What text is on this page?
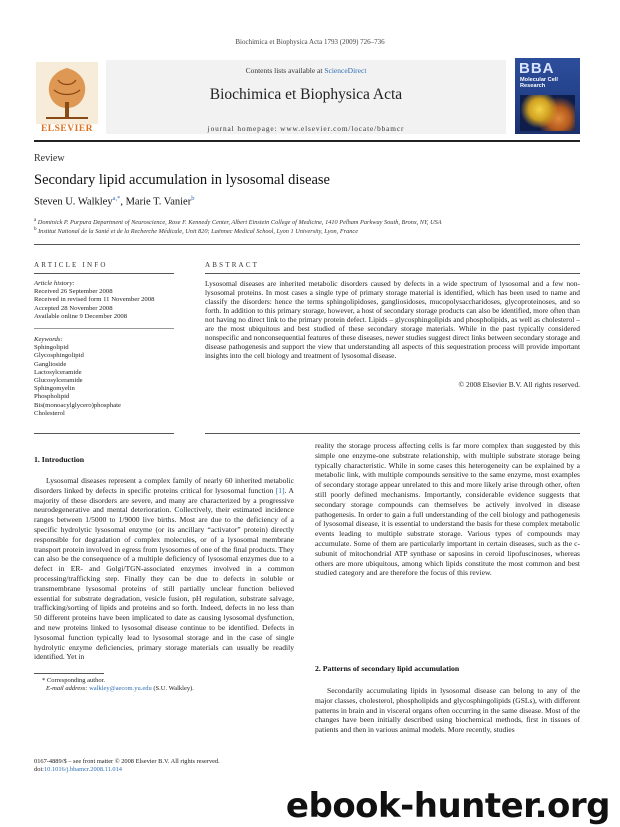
Biochimica et Biophysica Acta 1793 (2009) 726–736
ELSEVIER
Contents lists available at ScienceDirect
Biochimica et Biophysica Acta
journal homepage: www.elsevier.com/locate/bbamcr
BBA
Molecular Cell Research
Review
Secondary lipid accumulation in lysosomal disease
Steven U. Walkley$^{a,*}$, Marie T. Vanier$^b$
$^a$ Dominick P. Purpura Department of Neuroscience, Rose F. Kennedy Center, Albert Einstein College of Medicine, 1410 Pelham Parkway South, Bronx, NY, USA
$^b$ Institut National de la Santé et de la Recherche Médicale, Unit 820; Laënnec Medical School, Lyon 1 University, Lyon, France
ARTICLE INFO	ABSTRACT
Article history:
Received 26 September 2008
Received in revised form 11 November 2008
Accepted 28 November 2008
Available online 9 December 2008
Keywords:
Sphingolipid
Glycosphingolipid
Ganglioside
Lactosylceramide
Glucosylceramide
Sphingomyelin
Phospholipid
Bis(monoacylglycero)phosphate
Cholesterol
Lysosomal diseases are inherited metabolic disorders caused by defects in a wide spectrum of lysosomal and a few non-lysosomal proteins. In most cases a single type of primary storage material is identified, which has been used to name and classify the disorders: hence the terms sphingolipidoses, gangliosidoses, mucopolysaccharidoses, glycoproteinoses, and so forth. In addition to this primary storage, however, a host of secondary storage products can also be identified, more often than not having no direct link to the primary protein defect. Lipids – glycosphingolipids and phospholipids, as well as cholesterol – are the most ubiquitous and best studied of these secondary storage materials. While in the past typically considered nonspecific and nonconsequential features of these diseases, newer studies suggest direct links between secondary storage and disease pathogenesis and support the view that understanding all aspects of this sequestration process will provide important insights into the cell biology and treatment of lysosomal disease.
© 2008 Elsevier B.V. All rights reserved.
1. Introduction

Lysosomal diseases represent a complex family of nearly 60 inherited metabolic disorders linked by defects in specific proteins critical for lysosomal function [1]. A majority of these disorders are severe, and many are characterized by a progressive neurodegenerative and mental deterioration. Collectively, their estimated incidence ranges between 1/5000 to 1/9000 live births. Most are due to the deficiency of a specific hydrolytic lysosomal enzyme (or its ancillary “activator” protein) directly responsible for degradation of complex molecules, or of a lysosomal membrane transport protein involved in egress from lysosomes of one of the final products. They can also be the consequence of a multiple deficiency of lysosomal enzymes due to a defect in ER- and Golgi/TGN-associated enzymes involved in a common processing/trafficking step. Finally they can be due to defects in soluble or transmembrane lysosomal proteins of still partially unclear function believed essential for substrate degradation, vesicle fusion, pH regulation, substrate salvage, trafficking/sorting of lipids and proteins and so forth. Indeed, defects in no less than 50 different proteins have been implicated to date as causing lysosomal dysfunction, and new proteins linked to lysosomal disease continue to be identified. Defects in lysosomal function typically lead to lysosomal storage and in the case of single hydrolytic enzyme deficiencies, primary storage materials can usually be readily identified. Yet in

reality the storage process affecting cells is far more complex than suggested by this simple one enzyme-one substrate relationship, with multiple substrate storage being typically characteristic. While in some cases this heterogeneity can be explained by a metabolic link, with multiple compounds sensitive to the same enzyme, most examples of secondary storage appear unrelated to this and more likely arise through other, often still poorly defined mechanisms. Importantly, considerable evidence suggests that secondary storage compounds can themselves be actively involved in disease pathogenesis. In order to gain a full understanding of the cell biology and pathogenesis of lysosomal disease, it is essential to understand the basis for these complex metabolic events leading to multiple substrate storage. Various types of compounds may accumulate. Some of them are particularly important in certain diseases, such as the c-subunit of mitochondrial ATP synthase or saposins in ceroid lipofuscinoses, whereas others are more ubiquitous, among which lipids constitute the most common and best studied category and are therefore the focus of this review.

2. Patterns of secondary lipid accumulation

Secondarily accumulating lipids in lysosomal disease can belong to any of the major classes, cholesterol, phospholipids and glycosphingolipids (GSLs), with different patterns in brain and in visceral organs often occurring in the same disease. Most of the changes have been initially described using biochemical methods, first in tissues of patients and then in various animal models. More recently, studies

* Corresponding author.
E-mail address: walkley@aecom.yu.edu (S.U. Walkley).
0167-4889/$ – see front matter © 2008 Elsevier B.V. All rights reserved.
doi:10.1016/j.bbamcr.2008.11.014
ebook-hunter.org
